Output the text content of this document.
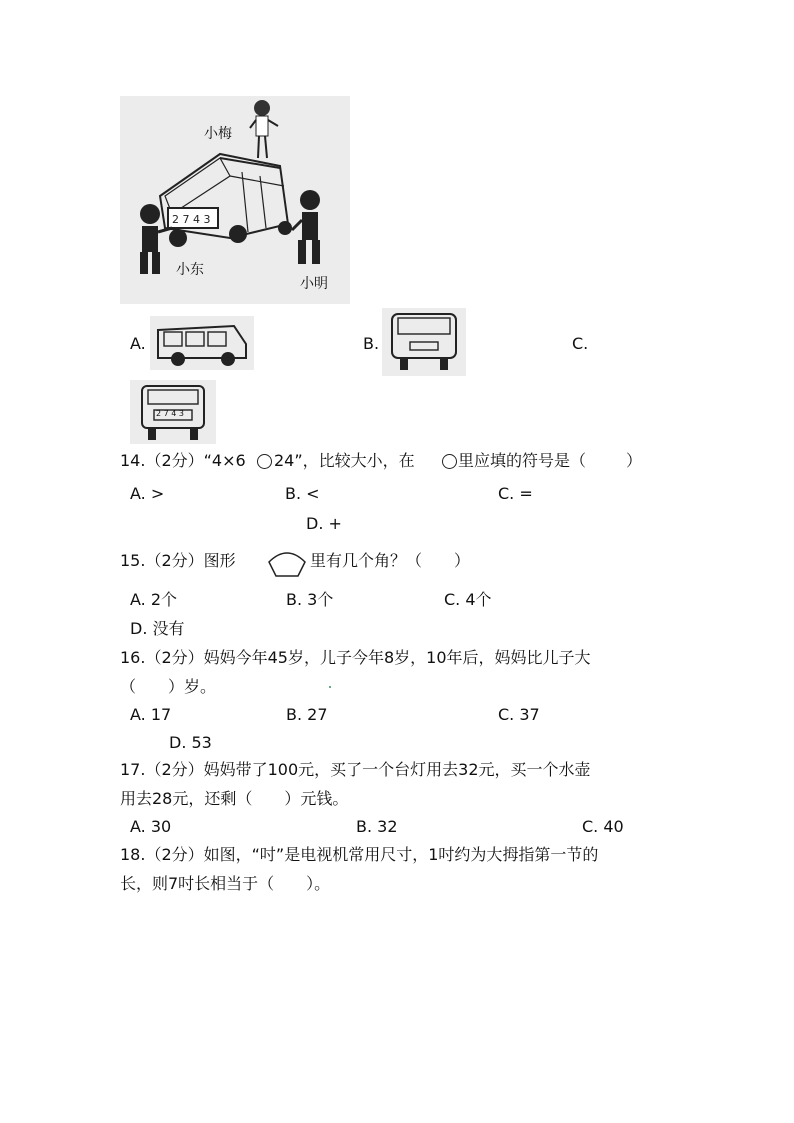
2 7 4 3
小梅
小东
小明
A.	B.	C.
2 7 4 3
14.（2分）“4×6 24”，比较大小，在	里应填的符号是（ ）
A. >	B. <	C. =
D. +
15.（2分）图形	里有几个角？（　　）
A. 2个	B. 3个	C. 4个
D. 没有
16.（2分）妈妈今年45岁，儿子今年8岁，10年后，妈妈比儿子大
（　　）岁。
A. 17	B. 27	C. 37
D. 53
17.（2分）妈妈带了100元，买了一个台灯用去32元，买一个水壶
用去28元，还剩（　　）元钱。
A. 30	B. 32	C. 40
18.（2分）如图，“吋”是电视机常用尺寸，1吋约为大拇指第一节的
长，则7吋长相当于（　　）。
